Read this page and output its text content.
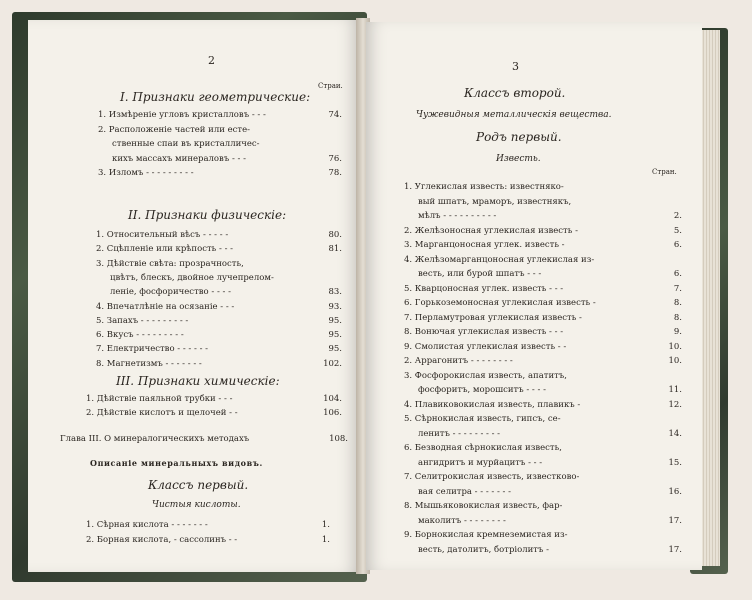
2
Страи.
I. Признаки геометрические:
1. Измѣреніе угловъ кристалловъ - - -	74.
2. Расположеніе частей или есте-
ственные спаи въ кристалличес-
кихъ массахъ минераловъ - - -	76.
3. Изломъ - - - - - - - - -	78.
II. Признаки физическіе:
1. Относительный вѣсъ - - - - -	80.
2. Сцѣпленіе или крѣпость - - -	81.
3. Дѣйствіе свѣта: прозрачность,
цвѣтъ, блескъ, двойное лучепрелом-
леніе, фосфоричество - - - -	83.
4. Впечатлѣніе на осязаніе - - -	93.
5. Запахъ - - - - - - - - -	95.
6. Вкусъ - - - - - - - - -	95.
7. Електричество - - - - - -	95.
8. Магнетизмъ - - - - - - -	102.
III. Признаки химическіе:
1. Дѣйствіе паяльной трубки - - -	104.
2. Дѣйствіе кислотъ и щелочей - -	106.
Глава III. О минералогическихъ методахъ	108.
Описаніе минеральныхъ видовъ.
Классъ первый.
Чистыя кислоты.
1. Сѣрная кислота - - - - - - -	1.
2. Борная кислота, - сассолинъ - -	1.
3
Классъ второй.
Чужевидныя металлическія вещества.
Родъ первый.
Известь.
Стран.
1. Углекислая известь: известняко-
вый шпатъ, мраморъ, известнякъ,
мѣлъ - - - - - - - - - -	2.
2. Желѣзоносная углекислая известь -	5.
3. Марганцоносная углек. известь -	6.
4. Желѣзомарганцоносная углекислая из-
весть, или бурой шпатъ - - -	6.
5. Кварцоносная углек. известь - - -	7.
6. Горькоземоносная углекислая известь -	8.
7. Перламутровая углекислая известь -	8.
8. Вонючая углекислая известь - - -	9.
9. Смолистая углекислая известь - -	10.
2. Аррагонитъ - - - - - - - -	10.
3. Фосфорокислая известь, апатитъ,
фосфоритъ, морошситъ - - - -	11.
4. Плавиковокислая известь, плавикъ -	12.
5. Сѣрнокислая известь, гипсъ, се-
ленитъ - - - - - - - - -	14.
6. Безводная сѣрнокислая известь,
ангидритъ и мурйацитъ - - -	15.
7. Селитрокислая известь, известково-
вая селитра - - - - - - -	16.
8. Мышьяковокислая известь, фар-
маколитъ - - - - - - - -	17.
9. Борнокислая кремнеземистая из-
весть, датолитъ, ботріолитъ -	17.
